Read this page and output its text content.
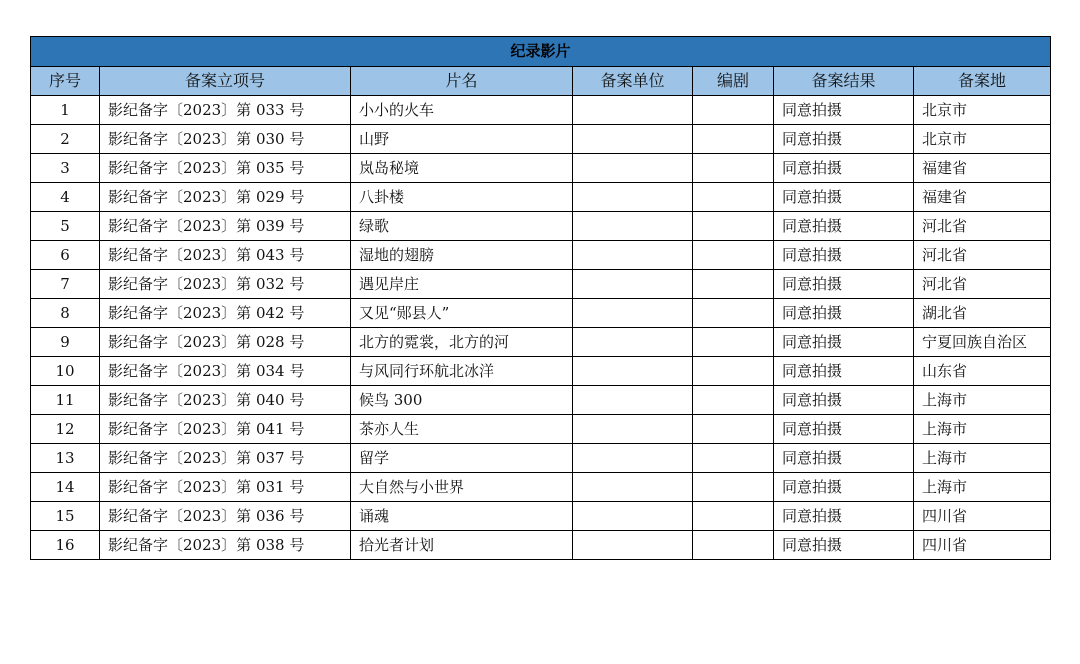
纪录影片						
序号	备案立项号	片名	备案单位	编剧	备案结果	备案地
1	影纪备字〔2023〕第 033 号	小小的火车			同意拍摄	北京市
2	影纪备字〔2023〕第 030 号	山野			同意拍摄	北京市
3	影纪备字〔2023〕第 035 号	岚岛秘境			同意拍摄	福建省
4	影纪备字〔2023〕第 029 号	八卦楼			同意拍摄	福建省
5	影纪备字〔2023〕第 039 号	绿歌			同意拍摄	河北省
6	影纪备字〔2023〕第 043 号	湿地的翅膀			同意拍摄	河北省
7	影纪备字〔2023〕第 032 号	遇见岸庄			同意拍摄	河北省
8	影纪备字〔2023〕第 042 号	又见“郧县人”			同意拍摄	湖北省
9	影纪备字〔2023〕第 028 号	北方的霓裳，北方的河			同意拍摄	宁夏回族自治区
10	影纪备字〔2023〕第 034 号	与风同行环航北冰洋			同意拍摄	山东省
11	影纪备字〔2023〕第 040 号	候鸟 300			同意拍摄	上海市
12	影纪备字〔2023〕第 041 号	茶亦人生			同意拍摄	上海市
13	影纪备字〔2023〕第 037 号	留学			同意拍摄	上海市
14	影纪备字〔2023〕第 031 号	大自然与小世界			同意拍摄	上海市
15	影纪备字〔2023〕第 036 号	诵魂			同意拍摄	四川省
16	影纪备字〔2023〕第 038 号	拾光者计划			同意拍摄	四川省
